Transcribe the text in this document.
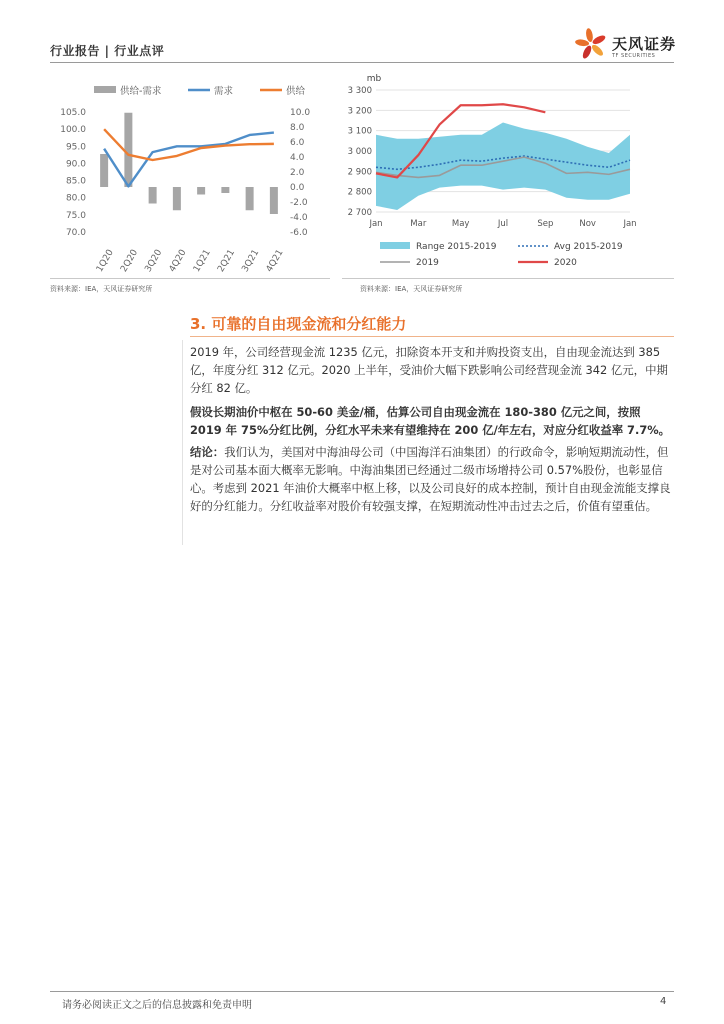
行业报告 | 行业点评	天风证券
TF SECURITIES
105.0
100.0
95.0
90.0
85.0
80.0
75.0
70.0
10.0
8.0
6.0
4.0
2.0
0.0
-2.0
-4.0
-6.0
1Q20 2Q20 3Q20 4Q20 1Q21 2Q21 3Q21 4Q21
供给-需求	需求	供给
资料来源：IEA，天风证券研究所
mb
3 300
3 200
3 100
3 000
2 900
2 800
2 700
Jan	Mar	May	Jul	Sep	Nov	Jan
Range 2015-2019	Avg 2015-2019
2019	2020
资料来源：IEA，天风证券研究所
3. 可靠的自由现金流和分红能力

2019 年，公司经营现金流 1235 亿元，扣除资本开支和并购投资支出，自由现金流达到 385 亿，年度分红 312 亿元。2020 上半年，受油价大幅下跌影响公司经营现金流 342 亿元，中期分红 82 亿。

假设长期油价中枢在 50-60 美金/桶，估算公司自由现金流在 180-380 亿元之间，按照 2019 年 75%分红比例，分红水平未来有望维持在 200 亿/年左右，对应分红收益率 7.7%。

结论：我们认为，美国对中海油母公司（中国海洋石油集团）的行政命令，影响短期流动性，但是对公司基本面大概率无影响。中海油集团已经通过二级市场增持公司 0.57%股份，也彰显信心。考虑到 2021 年油价大概率中枢上移，以及公司良好的成本控制，预计自由现金流能支撑良好的分红能力。分红收益率对股价有较强支撑，在短期流动性冲击过去之后，价值有望重估。

请务必阅读正文之后的信息披露和免责申明	4
